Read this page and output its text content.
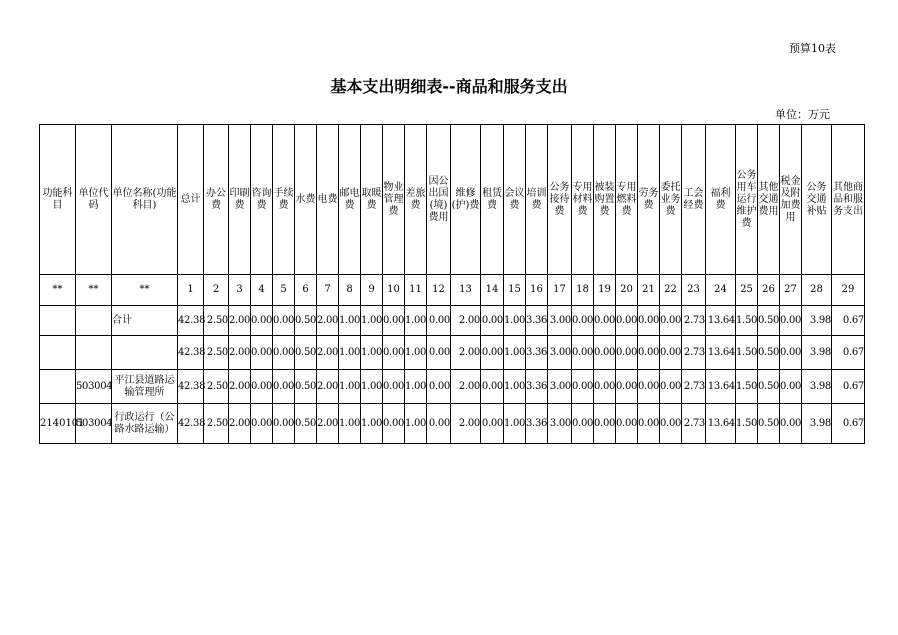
预算10表
基本支出明细表--商品和服务支出
单位：万元
功能科目	单位代码	单位名称(功能科目)	总计	办公费	印刷费	咨询费	手续费	水费	电费	邮电费	取暖费	物业管理费	差旅费	因公出国(境)费用	维修(护)费	租赁费	会议费	培训费	公务接待费	专用材料费	被装购置费	专用燃料费	劳务费	委托业务费	工会经费	福利费	公务用车运行维护费	其他交通费用	税金及附加费用	公务交通补贴	其他商品和服务支出

**	**	**	1	2	3	4	5	6	7	8	9	10	11	12	13	14	15	16	17	18	19	20	21	22	23	24	25	26	27	28	29
		合计	42.38	2.50	2.00	0.00	0.00	0.50	2.00	1.00	1.00	0.00	1.00	0.00	2.00	0.00	1.00	3.36	3.00	0.00	0.00	0.00	0.00	0.00	2.73	13.64	1.50	0.50	0.00	3.98	0.67
			42.38	2.50	2.00	0.00	0.00	0.50	2.00	1.00	1.00	0.00	1.00	0.00	2.00	0.00	1.00	3.36	3.00	0.00	0.00	0.00	0.00	0.00	2.73	13.64	1.50	0.50	0.00	3.98	0.67
	503004	平江县道路运输管理所	42.38	2.50	2.00	0.00	0.00	0.50	2.00	1.00	1.00	0.00	1.00	0.00	2.00	0.00	1.00	3.36	3.00	0.00	0.00	0.00	0.00	0.00	2.73	13.64	1.50	0.50	0.00	3.98	0.67
2140101	503004	行政运行（公路水路运输）	42.38	2.50	2.00	0.00	0.00	0.50	2.00	1.00	1.00	0.00	1.00	0.00	2.00	0.00	1.00	3.36	3.00	0.00	0.00	0.00	0.00	0.00	2.73	13.64	1.50	0.50	0.00	3.98	0.67
